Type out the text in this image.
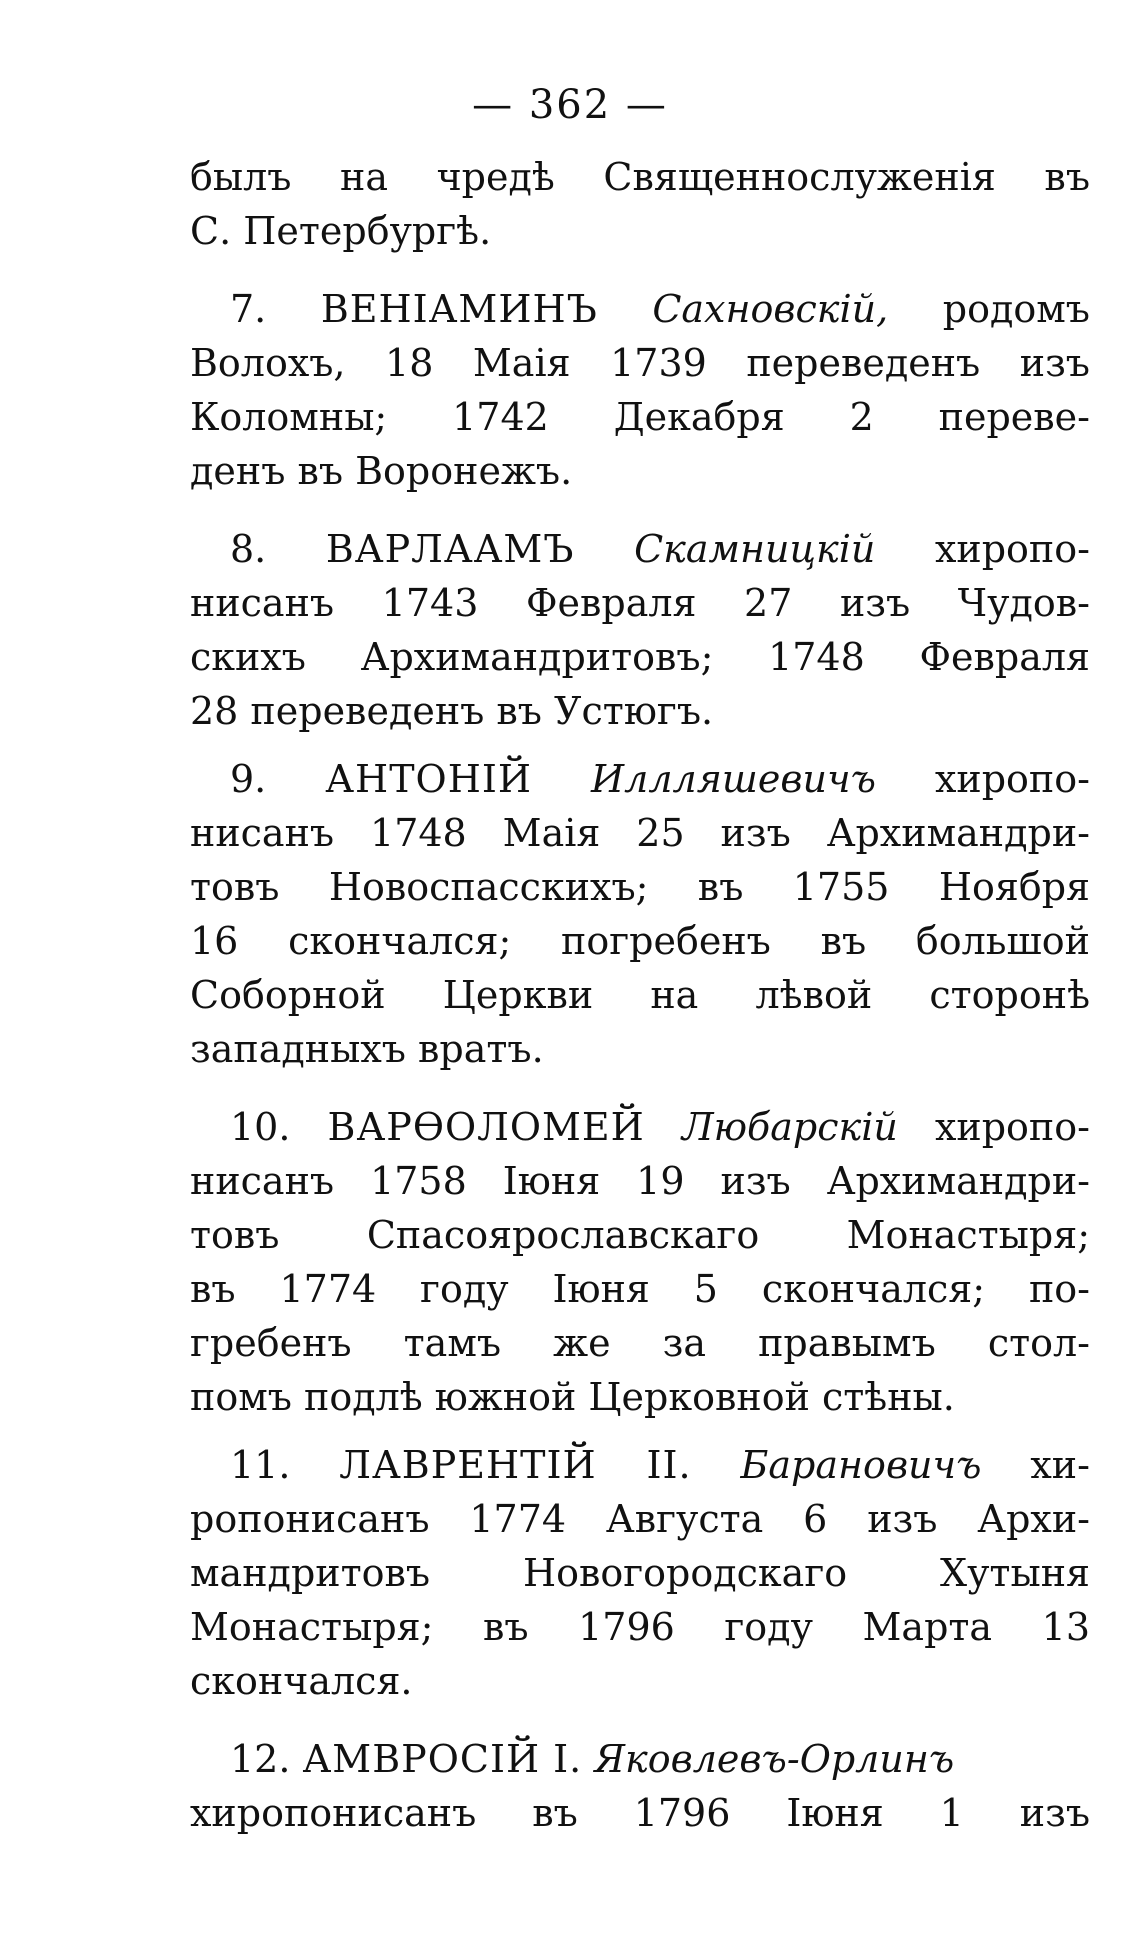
— 362 —
былъ на чредѣ Священнослуженія въ
С. Петербургѣ.
7. ВЕНІАМИНЪ Сахновскій, родомъ
Волохъ, 18 Маія 1739 переведенъ изъ
Коломны; 1742 Декабря 2 переве-
денъ въ Воронежъ.
8. ВАРЛААМЪ Скамницкій хиропо-
нисанъ 1743 Февраля 27 изъ Чудов-
скихъ Архимандритовъ; 1748 Февраля
28 переведенъ въ Устюгъ.
9. АНТОНІЙ Иллляшевичъ хиропо-
нисанъ 1748 Маія 25 изъ Архимандри-
товъ Новоспасскихъ; въ 1755 Ноября
16 скончался; погребенъ въ большой
Соборной Церкви на лѣвой сторонѣ
западныхъ вратъ.
10. ВАРѲОЛОМЕЙ Любарскій хиропо-
нисанъ 1758 Іюня 19 изъ Архимандри-
товъ Спасоярославскаго Монастыря;
въ 1774 году Іюня 5 скончался; по-
гребенъ тамъ же за правымъ стол-
помъ подлѣ южной Церковной стѣны.
11. ЛАВРЕНТІЙ II. Барановичъ хи-
ропонисанъ 1774 Августа 6 изъ Архи-
мандритовъ Новогородскаго Хутыня
Монастыря; въ 1796 году Марта 13
скончался.
12. АМВРОСІЙ I. Яковлевъ-Орлинъ
хиропонисанъ въ 1796 Іюня 1 изъ
